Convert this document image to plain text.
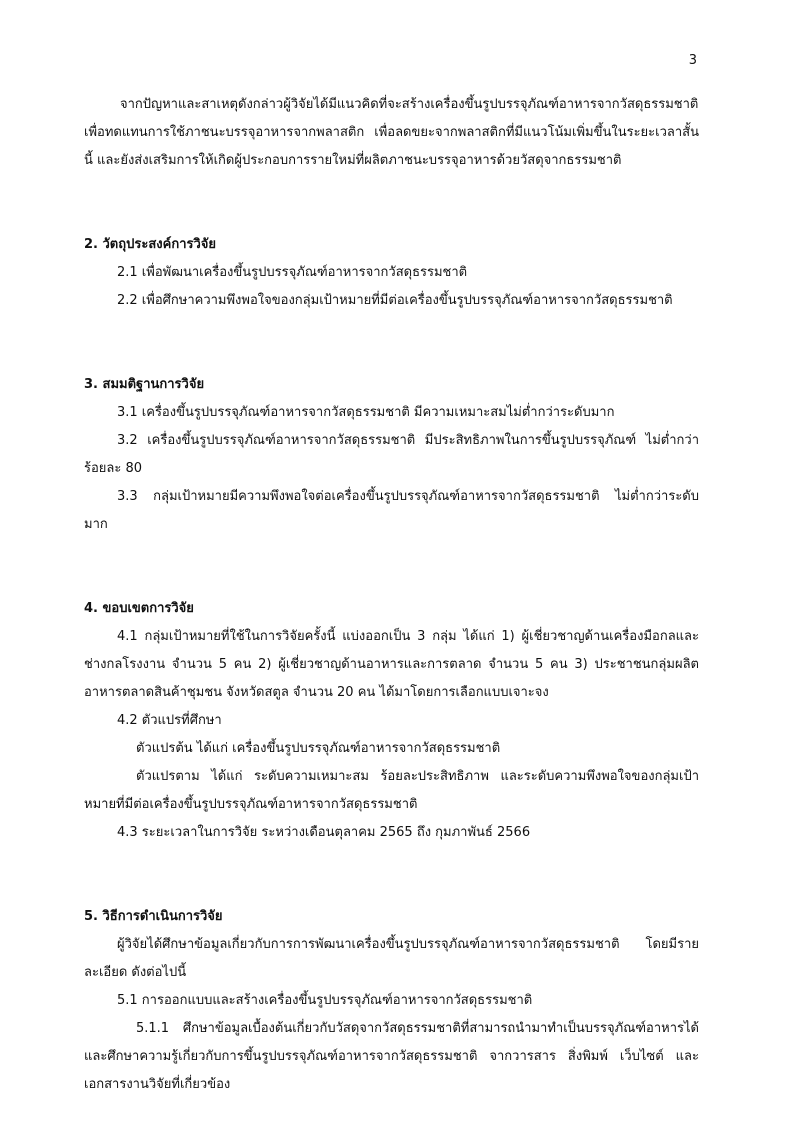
3

จากปัญหาและสาเหตุดังกล่าวผู้วิจัยได้มีแนวคิดที่จะสร้างเครื่องขึ้นรูปบรรจุภัณฑ์อาหารจากวัสดุธรรมชาติ เพื่อทดแทนการใช้ภาชนะบรรจุอาหารจากพลาสติก เพื่อลดขยะจากพลาสติกที่มีแนวโน้มเพิ่มขึ้นในระยะเวลาสั้นนี้ และยังส่งเสริมการให้เกิดผู้ประกอบการรายใหม่ที่ผลิตภาชนะบรรจุอาหารด้วยวัสดุจากธรรมชาติ

2. วัตถุประสงค์การวิจัย

2.1 เพื่อพัฒนาเครื่องขึ้นรูปบรรจุภัณฑ์อาหารจากวัสดุธรรมชาติ

2.2 เพื่อศึกษาความพึงพอใจของกลุ่มเป้าหมายที่มีต่อเครื่องขึ้นรูปบรรจุภัณฑ์อาหารจากวัสดุธรรมชาติ

3. สมมติฐานการวิจัย

3.1 เครื่องขึ้นรูปบรรจุภัณฑ์อาหารจากวัสดุธรรมชาติ มีความเหมาะสมไม่ต่ำกว่าระดับมาก

3.2 เครื่องขึ้นรูปบรรจุภัณฑ์อาหารจากวัสดุธรรมชาติ มีประสิทธิภาพในการขึ้นรูปบรรจุภัณฑ์ ไม่ต่ำกว่าร้อยละ 80

3.3 กลุ่มเป้าหมายมีความพึงพอใจต่อเครื่องขึ้นรูปบรรจุภัณฑ์อาหารจากวัสดุธรรมชาติ ไม่ต่ำกว่าระดับมาก

4. ขอบเขตการวิจัย

4.1 กลุ่มเป้าหมายที่ใช้ในการวิจัยครั้งนี้ แบ่งออกเป็น 3 กลุ่ม ได้แก่ 1) ผู้เชี่ยวชาญด้านเครื่องมือกลและช่างกลโรงงาน จำนวน 5 คน 2) ผู้เชี่ยวชาญด้านอาหารและการตลาด จำนวน 5 คน 3) ประชาชนกลุ่มผลิตอาหารตลาดสินค้าชุมชน จังหวัดสตูล จำนวน 20 คน ได้มาโดยการเลือกแบบเจาะจง

4.2 ตัวแปรที่ศึกษา

ตัวแปรต้น ได้แก่ เครื่องขึ้นรูปบรรจุภัณฑ์อาหารจากวัสดุธรรมชาติ

ตัวแปรตาม ได้แก่ ระดับความเหมาะสม ร้อยละประสิทธิภาพ และระดับความพึงพอใจของกลุ่มเป้าหมายที่มีต่อเครื่องขึ้นรูปบรรจุภัณฑ์อาหารจากวัสดุธรรมชาติ

4.3 ระยะเวลาในการวิจัย ระหว่างเดือนตุลาคม 2565 ถึง กุมภาพันธ์ 2566

5. วิธีการดำเนินการวิจัย

ผู้วิจัยได้ศึกษาข้อมูลเกี่ยวกับการการพัฒนาเครื่องขึ้นรูปบรรจุภัณฑ์อาหารจากวัสดุธรรมชาติ โดยมีรายละเอียด ดังต่อไปนี้

5.1 การออกแบบและสร้างเครื่องขึ้นรูปบรรจุภัณฑ์อาหารจากวัสดุธรรมชาติ

5.1.1 ศึกษาข้อมูลเบื้องต้นเกี่ยวกับวัสดุจากวัสดุธรรมชาติที่สามารถนำมาทำเป็นบรรจุภัณฑ์อาหารได้และศึกษาความรู้เกี่ยวกับการขึ้นรูปบรรจุภัณฑ์อาหารจากวัสดุธรรมชาติ จากวารสาร สิ่งพิมพ์ เว็บไซต์ และเอกสารงานวิจัยที่เกี่ยวข้อง
